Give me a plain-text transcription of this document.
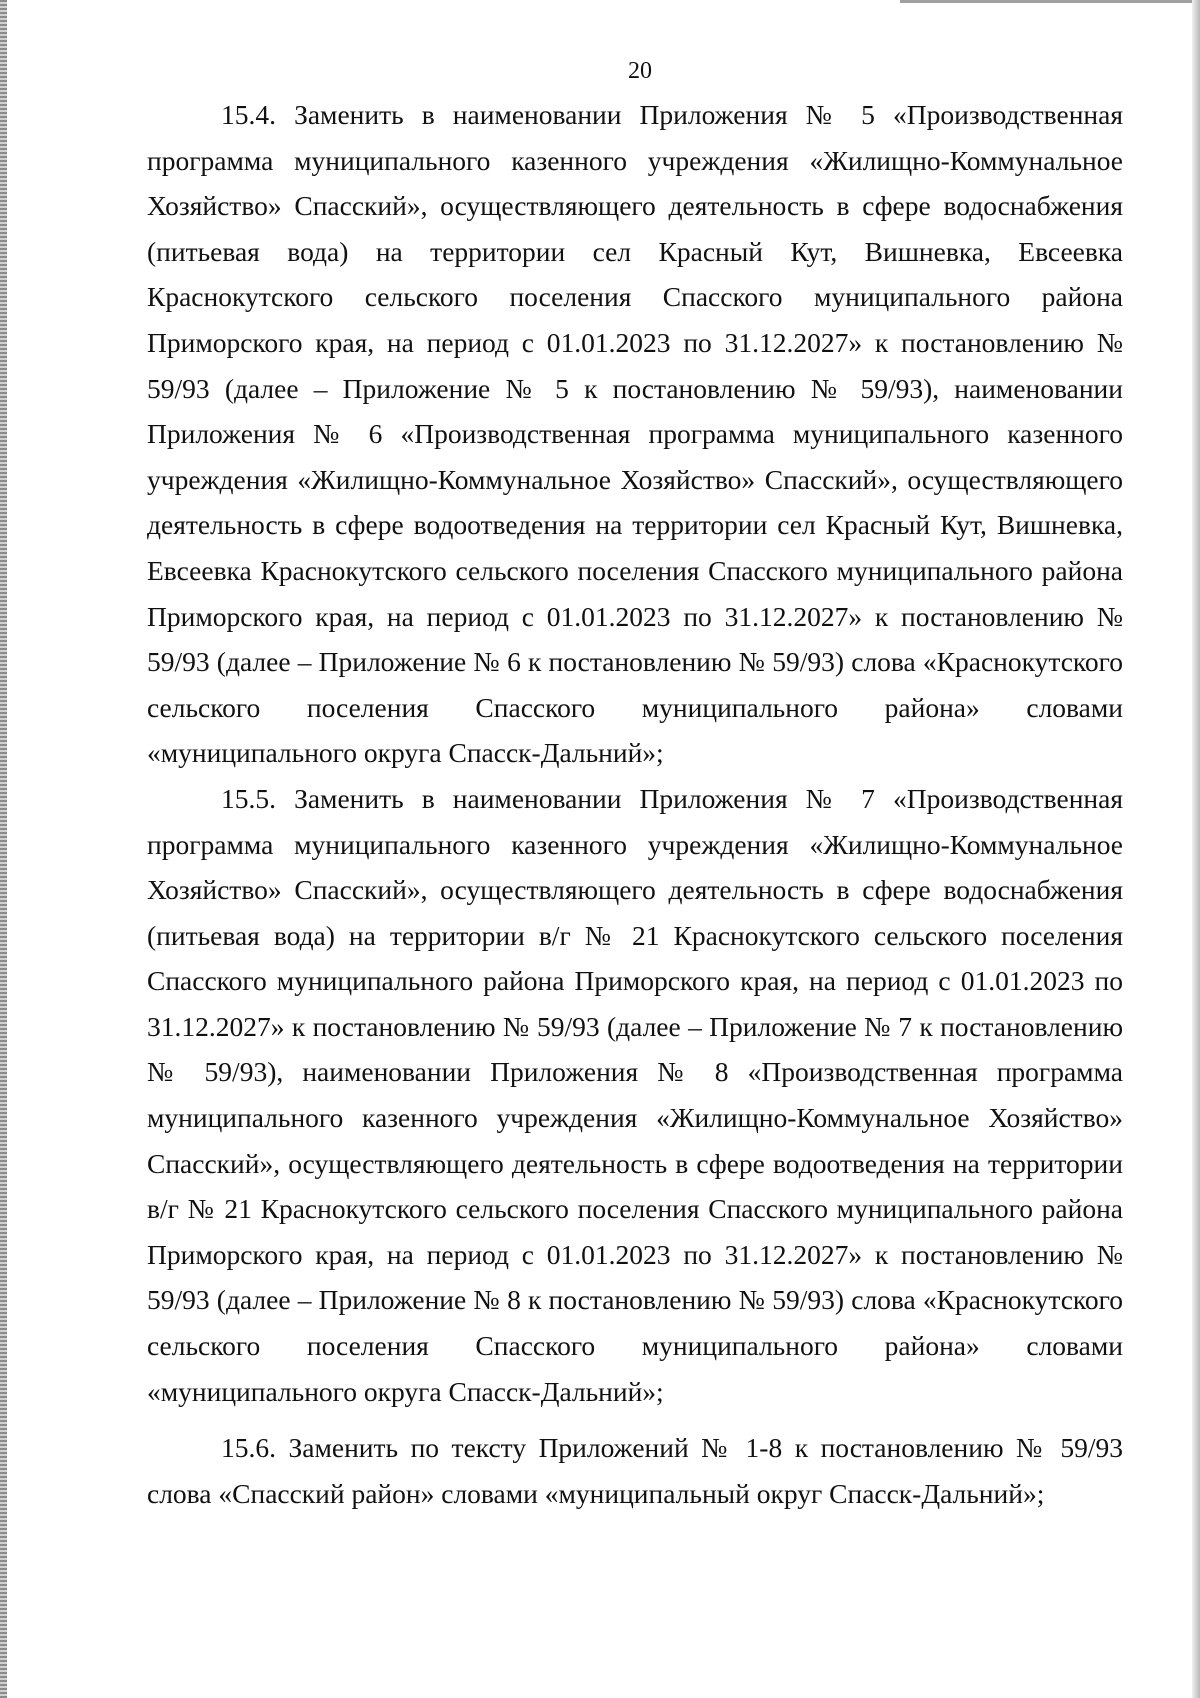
20

15.4. Заменить в наименовании Приложения № 5 «Производственная программа муниципального казенного учреждения «Жилищно-Коммунальное Хозяйство» Спасский», осуществляющего деятельность в сфере водоснабжения (питьевая вода) на территории сел Красный Кут, Вишневка, Евсеевка Краснокутского сельского поселения Спасского муниципального района Приморского края, на период с 01.01.2023 по 31.12.2027» к постановлению № 59/93 (далее – Приложение № 5 к постановлению № 59/93), наименовании Приложения № 6 «Производственная программа муниципального казенного учреждения «Жилищно-Коммунальное Хозяйство» Спасский», осуществляющего деятельность в сфере водоотведения на территории сел Красный Кут, Вишневка, Евсеевка Краснокутского сельского поселения Спасского муниципального района Приморского края, на период с 01.01.2023 по 31.12.2027» к постановлению № 59/93 (далее – Приложение № 6 к постановлению № 59/93) слова «Краснокутского сельского поселения Спасского муниципального района» словами «муниципального округа Спасск-Дальний»;

15.5. Заменить в наименовании Приложения № 7 «Производственная программа муниципального казенного учреждения «Жилищно-Коммунальное Хозяйство» Спасский», осуществляющего деятельность в сфере водоснабжения (питьевая вода) на территории в/г № 21 Краснокутского сельского поселения Спасского муниципального района Приморского края, на период с 01.01.2023 по 31.12.2027» к постановлению № 59/93 (далее – Приложение № 7 к постановлению № 59/93), наименовании Приложения № 8 «Производственная программа муниципального казенного учреждения «Жилищно-Коммунальное Хозяйство» Спасский», осуществляющего деятельность в сфере водоотведения на территории в/г № 21 Краснокутского сельского поселения Спасского муниципального района Приморского края, на период с 01.01.2023 по 31.12.2027» к постановлению № 59/93 (далее – Приложение № 8 к постановлению № 59/93) слова «Краснокутского сельского поселения Спасского муниципального района» словами «муниципального округа Спасск-Дальний»;

15.6. Заменить по тексту Приложений № 1-8 к постановлению № 59/93 слова «Спасский район» словами «муниципальный округ Спасск-Дальний»;
